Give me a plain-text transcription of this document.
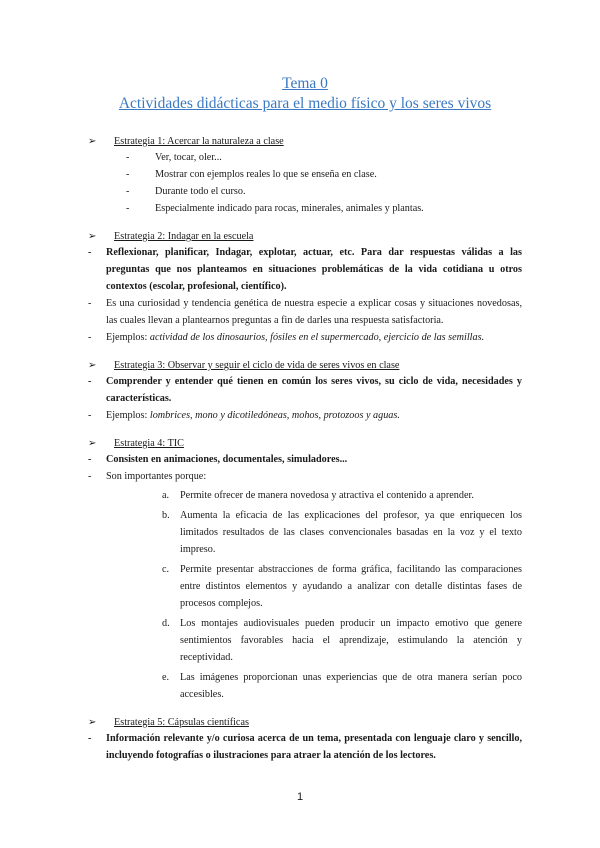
Tema 0

Actividades didácticas para el medio físico y los seres vivos

➢	Estrategia 1: Acercar la naturaleza a clase
- Ver, tocar, oler...
- Mostrar con ejemplos reales lo que se enseña en clase.
- Durante todo el curso.
- Especialmente indicado para rocas, minerales, animales y plantas.
➢	Estrategia 2: Indagar en la escuela
- Reflexionar, planificar, Indagar, explotar, actuar, etc. Para dar respuestas válidas a las preguntas que nos planteamos en situaciones problemáticas de la vida cotidiana u otros contextos (escolar, profesional, científico).
- Es una curiosidad y tendencia genética de nuestra especie a explicar cosas y situaciones novedosas, las cuales llevan a plantearnos preguntas a fin de darles una respuesta satisfactoria.
- Ejemplos: actividad de los dinosaurios, fósiles en el supermercado, ejercicio de las semillas.
➢	Estrategia 3: Observar y seguir el ciclo de vida de seres vivos en clase
- Comprender y entender qué tienen en común los seres vivos, su ciclo de vida, necesidades y características.
- Ejemplos: lombrices, mono y dicotiledóneas, mohos, protozoos y aguas.
➢	Estrategia 4: TIC
- Consisten en animaciones, documentales, simuladores...
- Son importantes porque:
a. Permite ofrecer de manera novedosa y atractiva el contenido a aprender.
b. Aumenta la eficacia de las explicaciones del profesor, ya que enriquecen los limitados resultados de las clases convencionales basadas en la voz y el texto impreso.
c. Permite presentar abstracciones de forma gráfica, facilitando las comparaciones entre distintos elementos y ayudando a analizar con detalle distintas fases de procesos complejos.
d. Los montajes audiovisuales pueden producir un impacto emotivo que genere sentimientos favorables hacia el aprendizaje, estimulando la atención y receptividad.
e. Las imágenes proporcionan unas experiencias que de otra manera serían poco accesibles.
➢	Estrategia 5: Cápsulas científicas
- Información relevante y/o curiosa acerca de un tema, presentada con lenguaje claro y sencillo, incluyendo fotografías o ilustraciones para atraer la atención de los lectores.
1
